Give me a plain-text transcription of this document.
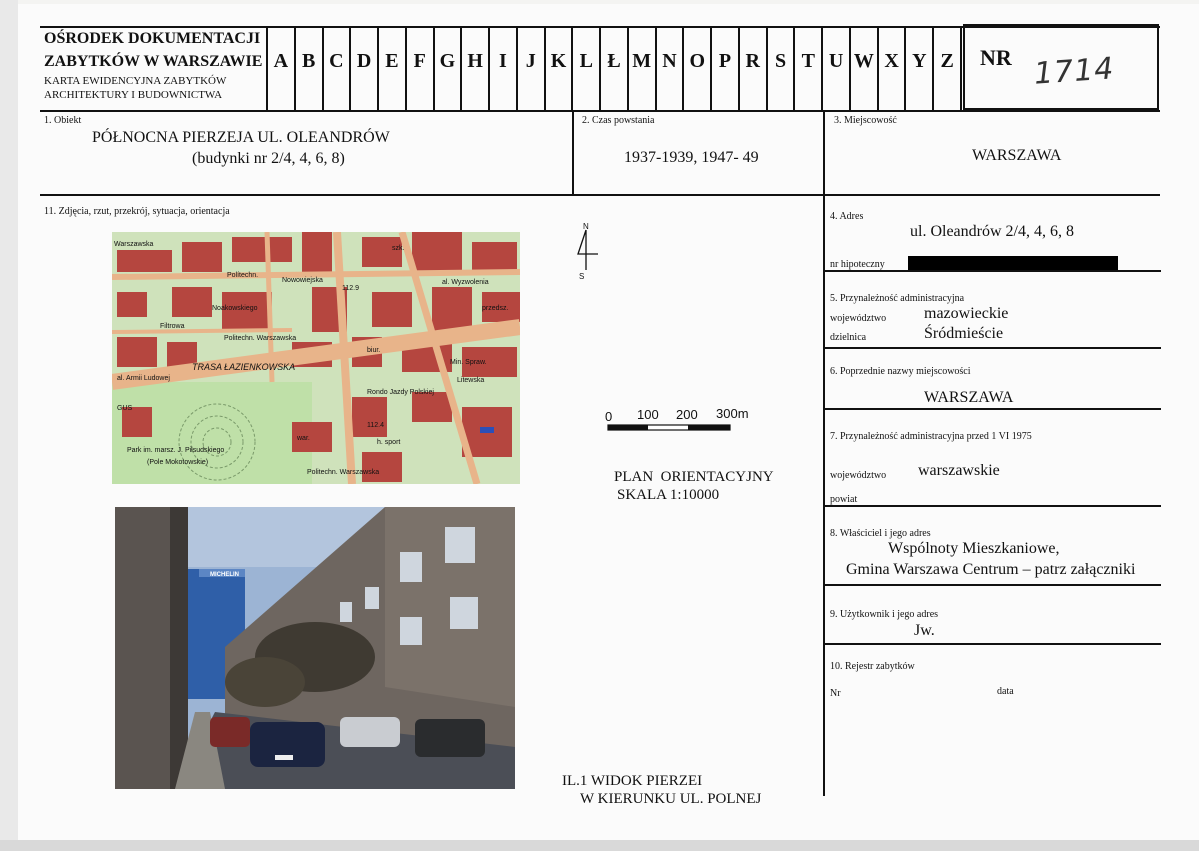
OŚRODEK DOKUMENTACJI
ZABYTKÓW W WARSZAWIE
KARTA EWIDENCYJNA ZABYTKÓW
ARCHITEKTURY I BUDOWNICTWA
A B C D E F G H I J K L Ł M N O P R S T U W X Y Z	NR 1714
1. Obiekt
PÓŁNOCNA PIERZEJA UL. OLEANDRÓW
(budynki nr 2/4, 4, 6, 8)
2. Czas powstania
1937-1939, 1947- 49
3. Miejscowość
WARSZAWA
11. Zdjęcia, rzut, przekrój, sytuacja, orientacja
Warszawska
Polítechn.
Nowowiejska
Noakowskiego
Filtrowa
Politechn. Warszawska
TRASA ŁAZIENKOWSKA
al. Armii Ludowej
GUS
Park im. marsz. J. Piłsudskiego
(Pole Mokotowskie)
Politechn. Warszawska
al. Wyzwolenia
Min. Spraw.
biur.
szk.
przedsz.
112.9
112.4
Rondo Jazdy Polskiej
h. sport
war.
Litewska
N
S
0 100 200 300m
PLAN  ORIENTACYJNY
SKALA 1:10000
MICHELIN
IL.1 WIDOK PIERZEI
W KIERUNKU UL. POLNEJ
4. Adres
ul. Oleandrów 2/4, 4, 6, 8
nr hipoteczny
5. Przynależność administracyjna
województwo mazowieckie
dzielnica	Śródmieście
6. Poprzednie nazwy miejscowości
WARSZAWA
7. Przynależność administracyjna przed 1 VI 1975
województwo warszawskie
powiat
8. Właściciel i jego adres
Wspólnoty Mieszkaniowe,
Gmina Warszawa Centrum – patrz załączniki
9. Użytkownik i jego adres
Jw.
10. Rejestr zabytków
Nr	data
